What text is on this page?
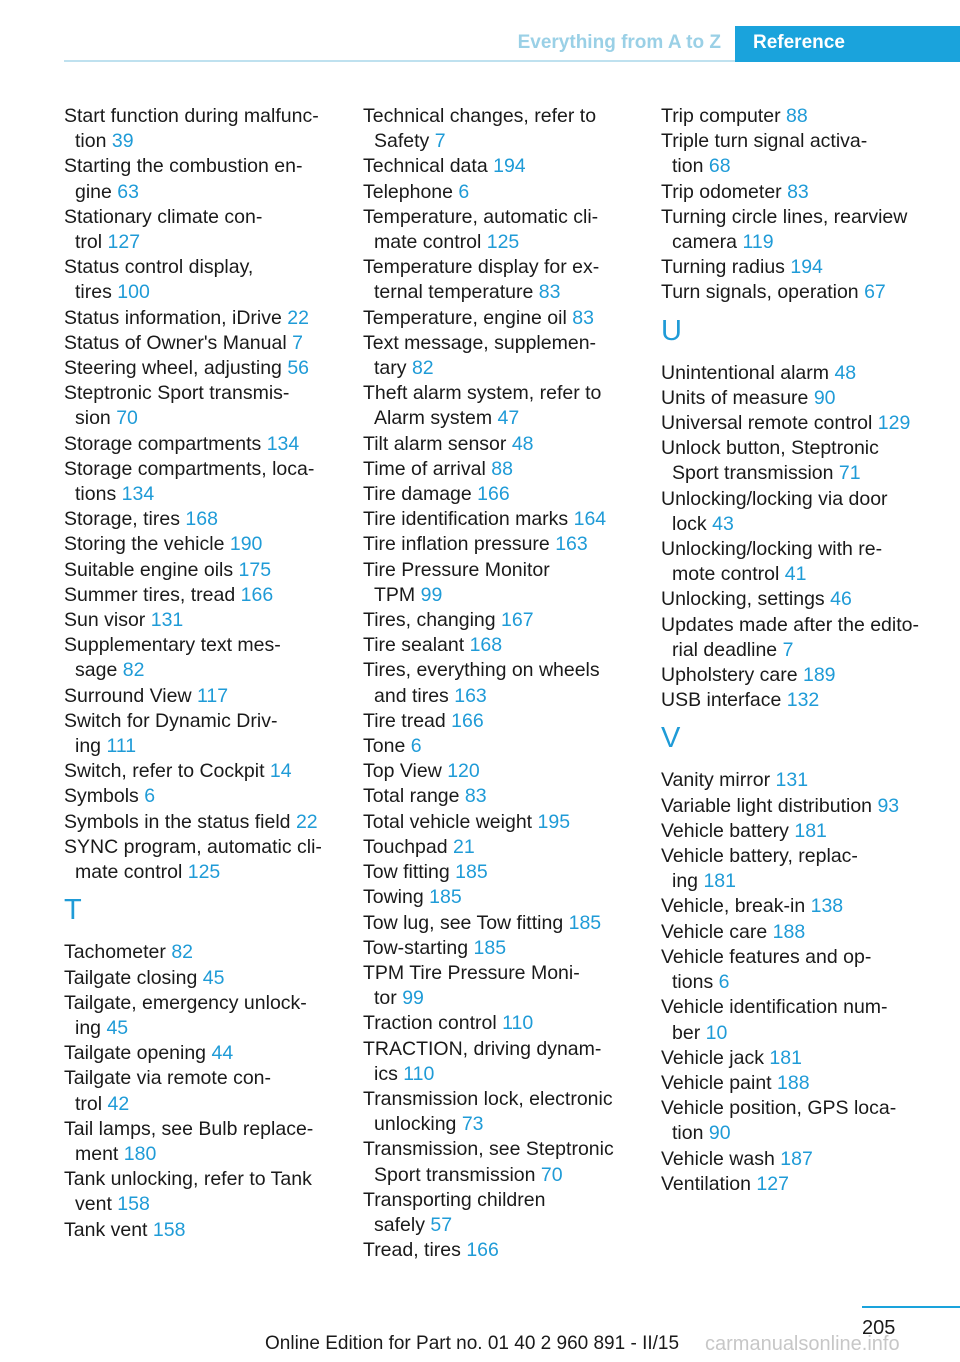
Everything from A to Z	Reference
Start function during malfunc-
tion 39
Starting the combustion en-
gine 63
Stationary climate con-
trol 127
Status control display,
tires 100
Status information, iDrive 22
Status of Owner's Manual 7
Steering wheel, adjusting 56
Steptronic Sport transmis-
sion 70
Storage compartments 134
Storage compartments, loca-
tions 134
Storage, tires 168
Storing the vehicle 190
Suitable engine oils 175
Summer tires, tread 166
Sun visor 131
Supplementary text mes-
sage 82
Surround View 117
Switch for Dynamic Driv-
ing 111
Switch, refer to Cockpit 14
Symbols 6
Symbols in the status field 22
SYNC program, automatic cli-
mate control 125
T
Tachometer 82
Tailgate closing 45
Tailgate, emergency unlock-
ing 45
Tailgate opening 44
Tailgate via remote con-
trol 42
Tail lamps, see Bulb replace-
ment 180
Tank unlocking, refer to Tank
vent 158
Tank vent 158
Technical changes, refer to
Safety 7
Technical data 194
Telephone 6
Temperature, automatic cli-
mate control 125
Temperature display for ex-
ternal temperature 83
Temperature, engine oil 83
Text message, supplemen-
tary 82
Theft alarm system, refer to
Alarm system 47
Tilt alarm sensor 48
Time of arrival 88
Tire damage 166
Tire identification marks 164
Tire inflation pressure 163
Tire Pressure Monitor
TPM 99
Tires, changing 167
Tire sealant 168
Tires, everything on wheels
and tires 163
Tire tread 166
Tone 6
Top View 120
Total range 83
Total vehicle weight 195
Touchpad 21
Tow fitting 185
Towing 185
Tow lug, see Tow fitting 185
Tow-starting 185
TPM Tire Pressure Moni-
tor 99
Traction control 110
TRACTION, driving dynam-
ics 110
Transmission lock, electronic
unlocking 73
Transmission, see Steptronic
Sport transmission 70
Transporting children
safely 57
Tread, tires 166
Trip computer 88
Triple turn signal activa-
tion 68
Trip odometer 83
Turning circle lines, rearview
camera 119
Turning radius 194
Turn signals, operation 67
U
Unintentional alarm 48
Units of measure 90
Universal remote control 129
Unlock button, Steptronic
Sport transmission 71
Unlocking/locking via door
lock 43
Unlocking/locking with re-
mote control 41
Unlocking, settings 46
Updates made after the edito-
rial deadline 7
Upholstery care 189
USB interface 132
V
Vanity mirror 131
Variable light distribution 93
Vehicle battery 181
Vehicle battery, replac-
ing 181
Vehicle, break-in 138
Vehicle care 188
Vehicle features and op-
tions 6
Vehicle identification num-
ber 10
Vehicle jack 181
Vehicle paint 188
Vehicle position, GPS loca-
tion 90
Vehicle wash 187
Ventilation 127
205
Online Edition for Part no. 01 40 2 960 891 - II/15 carmanualsonline.info
